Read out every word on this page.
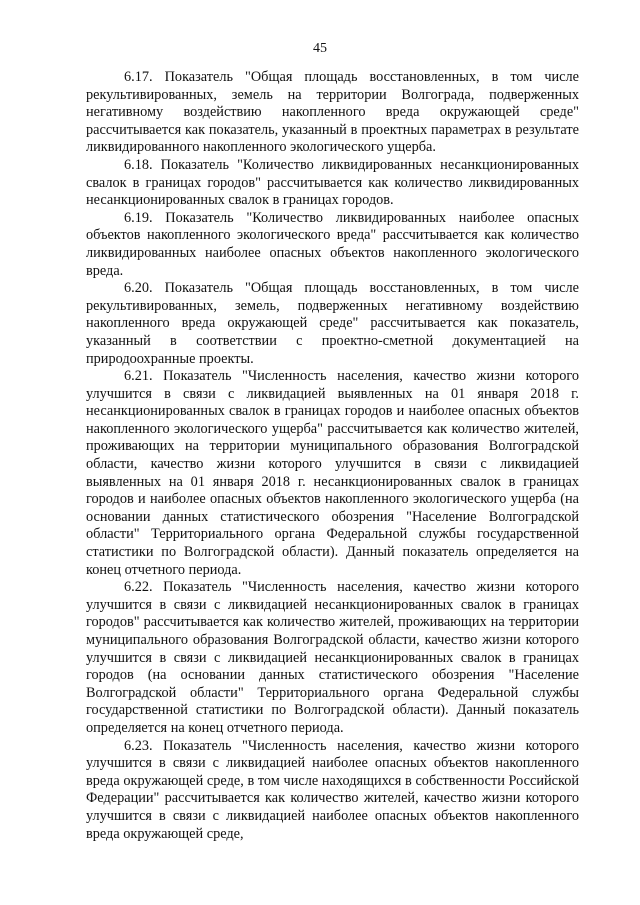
45

6.17. Показатель "Общая площадь восстановленных, в том числе рекультивированных, земель на территории Волгограда, подверженных негативному воздействию накопленного вреда окружающей среде" рассчитывается как показатель, указанный в проектных параметрах в результате ликвидированного накопленного экологического ущерба.

6.18. Показатель "Количество ликвидированных несанкционированных свалок в границах городов" рассчитывается как количество ликвидированных несанкционированных свалок в границах городов.

6.19. Показатель "Количество ликвидированных наиболее опасных объектов накопленного экологического вреда" рассчитывается как количество ликвидированных наиболее опасных объектов накопленного экологического вреда.

6.20. Показатель "Общая площадь восстановленных, в том числе рекультивированных, земель, подверженных негативному воздействию накопленного вреда окружающей среде" рассчитывается как показатель, указанный в соответствии с проектно-сметной документацией на природоохранные проекты.

6.21. Показатель "Численность населения, качество жизни которого улучшится в связи с ликвидацией выявленных на 01 января 2018 г. несанкционированных свалок в границах городов и наиболее опасных объектов накопленного экологического ущерба" рассчитывается как количество жителей, проживающих на территории муниципального образования Волгоградской области, качество жизни которого улучшится в связи с ликвидацией выявленных на 01 января 2018 г. несанкционированных свалок в границах городов и наиболее опасных объектов накопленного экологического ущерба (на основании данных статистического обозрения "Население Волгоградской области" Территориального органа Федеральной службы государственной статистики по Волгоградской области). Данный показатель определяется на конец отчетного периода.

6.22. Показатель "Численность населения, качество жизни которого улучшится в связи с ликвидацией несанкционированных свалок в границах городов" рассчитывается как количество жителей, проживающих на территории муниципального образования Волгоградской области, качество жизни которого улучшится в связи с ликвидацией несанкционированных свалок в границах городов (на основании данных статистического обозрения "Население Волгоградской области" Территориального органа Федеральной службы государственной статистики по Волгоградской области). Данный показатель определяется на конец отчетного периода.

6.23. Показатель "Численность населения, качество жизни которого улучшится в связи с ликвидацией наиболее опасных объектов накопленного вреда окружающей среде, в том числе находящихся в собственности Российской Федерации" рассчитывается как количество жителей, качество жизни которого улучшится в связи с ликвидацией наиболее опасных объектов накопленного вреда окружающей среде,
